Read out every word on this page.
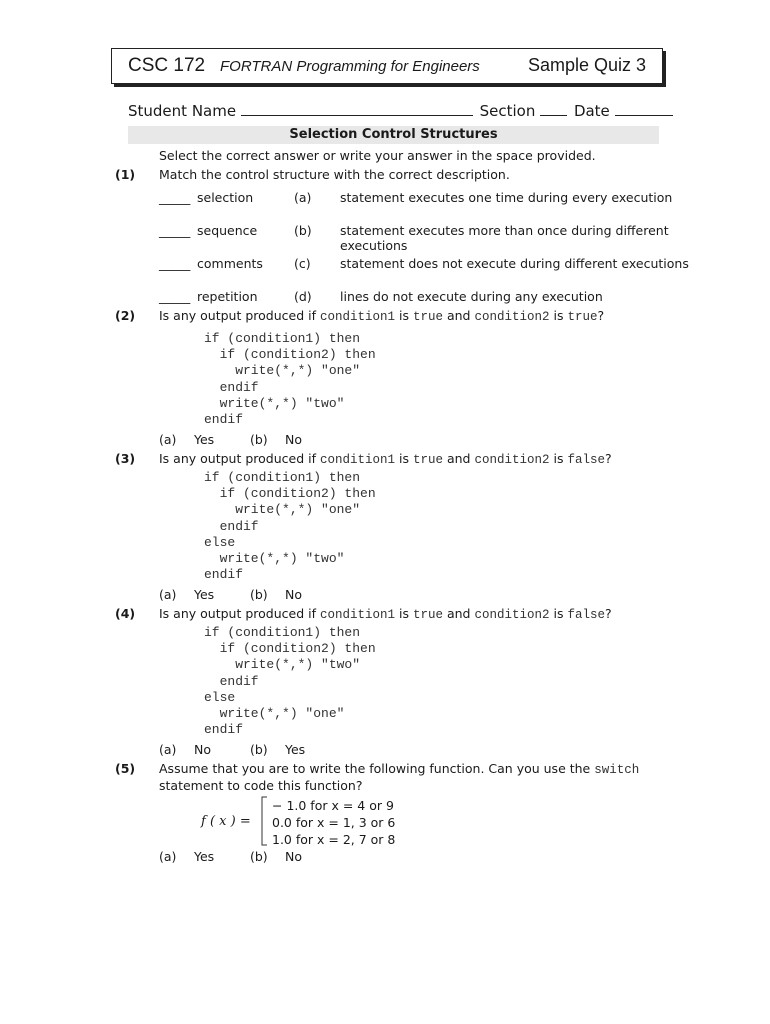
CSC 172 FORTRAN Programming for Engineers	Sample Quiz 3
Student Name	Section	Date
Selection Control Structures
Select the correct answer or write your answer in the space provided.
(1) Match the control structure with the correct description.
_____ selection	(a) statement executes one time during every execution
_____ sequence	(b) statement executes more than once during different
executions
_____ comments (c) statement does not execute during different executions
_____ repetition	(d) lines do not execute during any execution
(2) Is any output produced if condition1 is true and condition2 is true?
if (condition1) then
if (condition2) then
write(*,*) "one"
endif
write(*,*) "two"
endif
(a) Yes	(b) No
(3) Is any output produced if condition1 is true and condition2 is false?
if (condition1) then
if (condition2) then
write(*,*) "one"
endif
else
write(*,*) "two"
endif
(a) Yes	(b) No
(4) Is any output produced if condition1 is true and condition2 is false?
if (condition1) then
if (condition2) then
write(*,*) "two"
endif
else
write(*,*) "one"
endif
(a) No	(b) Yes
(5) Assume that you are to write the following function. Can you use the switch
statement to code this function?
f ( x ) =
− 1.0 for x = 4 or 9
0.0 for x = 1, 3 or 6
1.0 for x = 2, 7 or 8
(a) Yes	(b) No
